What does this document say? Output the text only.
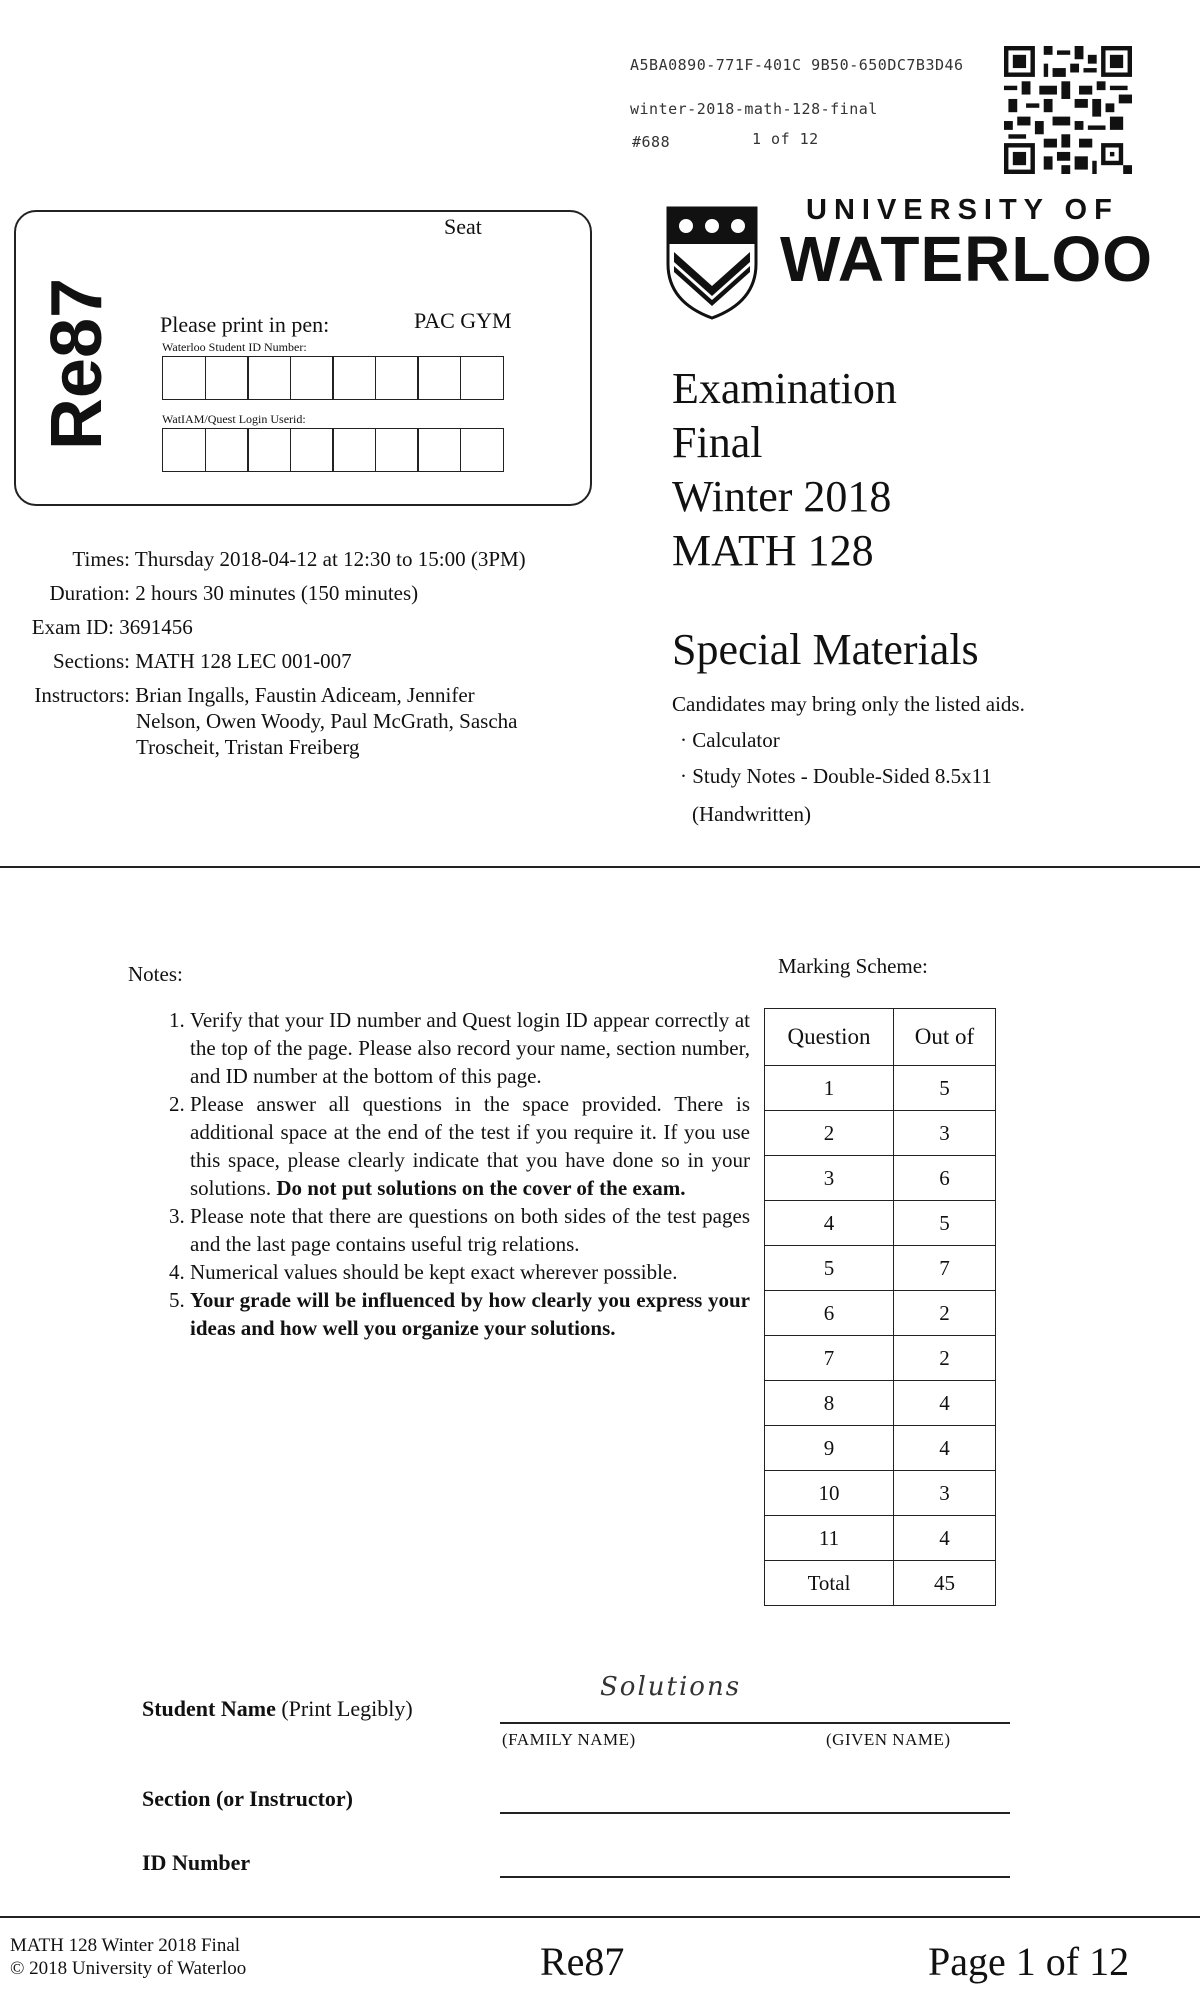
A5BA0890-771F-401C 9B50-650DC7B3D46
winter-2018-math-128-final
#688	1 of 12
Re87
Seat
Please print in pen:	PAC GYM
Waterloo Student ID Number:
WatIAM/Quest Login Userid:
UNIVERSITY OF
WATERLOO
Examination
Final
Winter 2018
MATH 128
Special Materials
Candidates may bring only the listed aids.
· Calculator
· Study Notes - Double-Sided 8.5x11
(Handwritten)
Times: Thursday 2018-04-12 at 12:30 to 15:00 (3PM)
Duration: 2 hours 30 minutes (150 minutes)
Exam ID: 3691456
Sections: MATH 128 LEC 001-007
Instructors: Brian Ingalls, Faustin Adiceam, Jennifer
Nelson, Owen Woody, Paul McGrath, Sascha
Troscheit, Tristan Freiberg
Notes:
1. Verify that your ID number and Quest login ID appear correctly at the top of the page. Please also record your name, section number, and ID number at the bottom of this page.
2. Please answer all questions in the space provided. There is additional space at the end of the test if you require it. If you use this space, please clearly indicate that you have done so in your solutions. Do not put solutions on the cover of the exam.
3. Please note that there are questions on both sides of the test pages and the last page contains useful trig relations.
4. Numerical values should be kept exact wherever possible.
5. Your grade will be influenced by how clearly you express your ideas and how well you organize your solutions.
Marking Scheme:
Question	Out of
1	5
2	3
3	6
4	5
5	7
6	2
7	2
8	4
9	4
10	3
11	4
Total	45
Student Name (Print Legibly)
Solutions
(FAMILY NAME)	(GIVEN NAME)
Section (or Instructor)
ID Number
MATH 128 Winter 2018 Final
© 2018 University of Waterloo	Re87	Page 1 of 12
